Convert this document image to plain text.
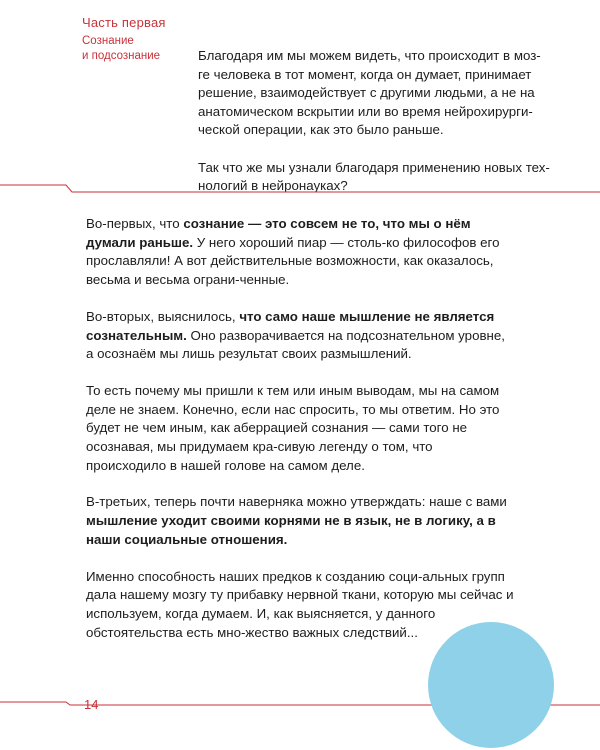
Часть первая
Сознание
и подсознание	Благодаря им мы можем видеть, что происходит в моз-
ге человека в тот момент, когда он думает, принимает
решение, взаимодействует с другими людьми, а не на
анатомическом вскрытии или во время нейрохирурги-
ческой операции, как это было раньше.

Так что же мы узнали благодаря применению новых тех-
нологий в нейронауках?

Во-первых, что сознание — это совсем не то, что мы о нём думали раньше. У него хороший пиар — столь-ко философов его прославляли! А вот действительные возможности, как оказалось, весьма и весьма ограни-ченные.

Во-вторых, выяснилось, что само наше мышление не является сознательным. Оно разворачивается на подсознательном уровне, а осознаём мы лишь результат своих размышлений.

То есть почему мы пришли к тем или иным выводам, мы на самом деле не знаем. Конечно, если нас спросить, то мы ответим. Но это будет не чем иным, как аберрацией сознания — сами того не осознавая, мы придумаем кра-сивую легенду о том, что происходило в нашей голове на самом деле.

В-третьих, теперь почти наверняка можно утверждать: наше с вами мышление уходит своими корнями не в язык, не в логику, а в наши социальные отношения.

Именно способность наших предков к созданию соци-альных групп дала нашему мозгу ту прибавку нервной ткани, которую мы сейчас и используем, когда думаем. И, как выясняется, у данного обстоятельства есть мно-жество важных следствий...

14
